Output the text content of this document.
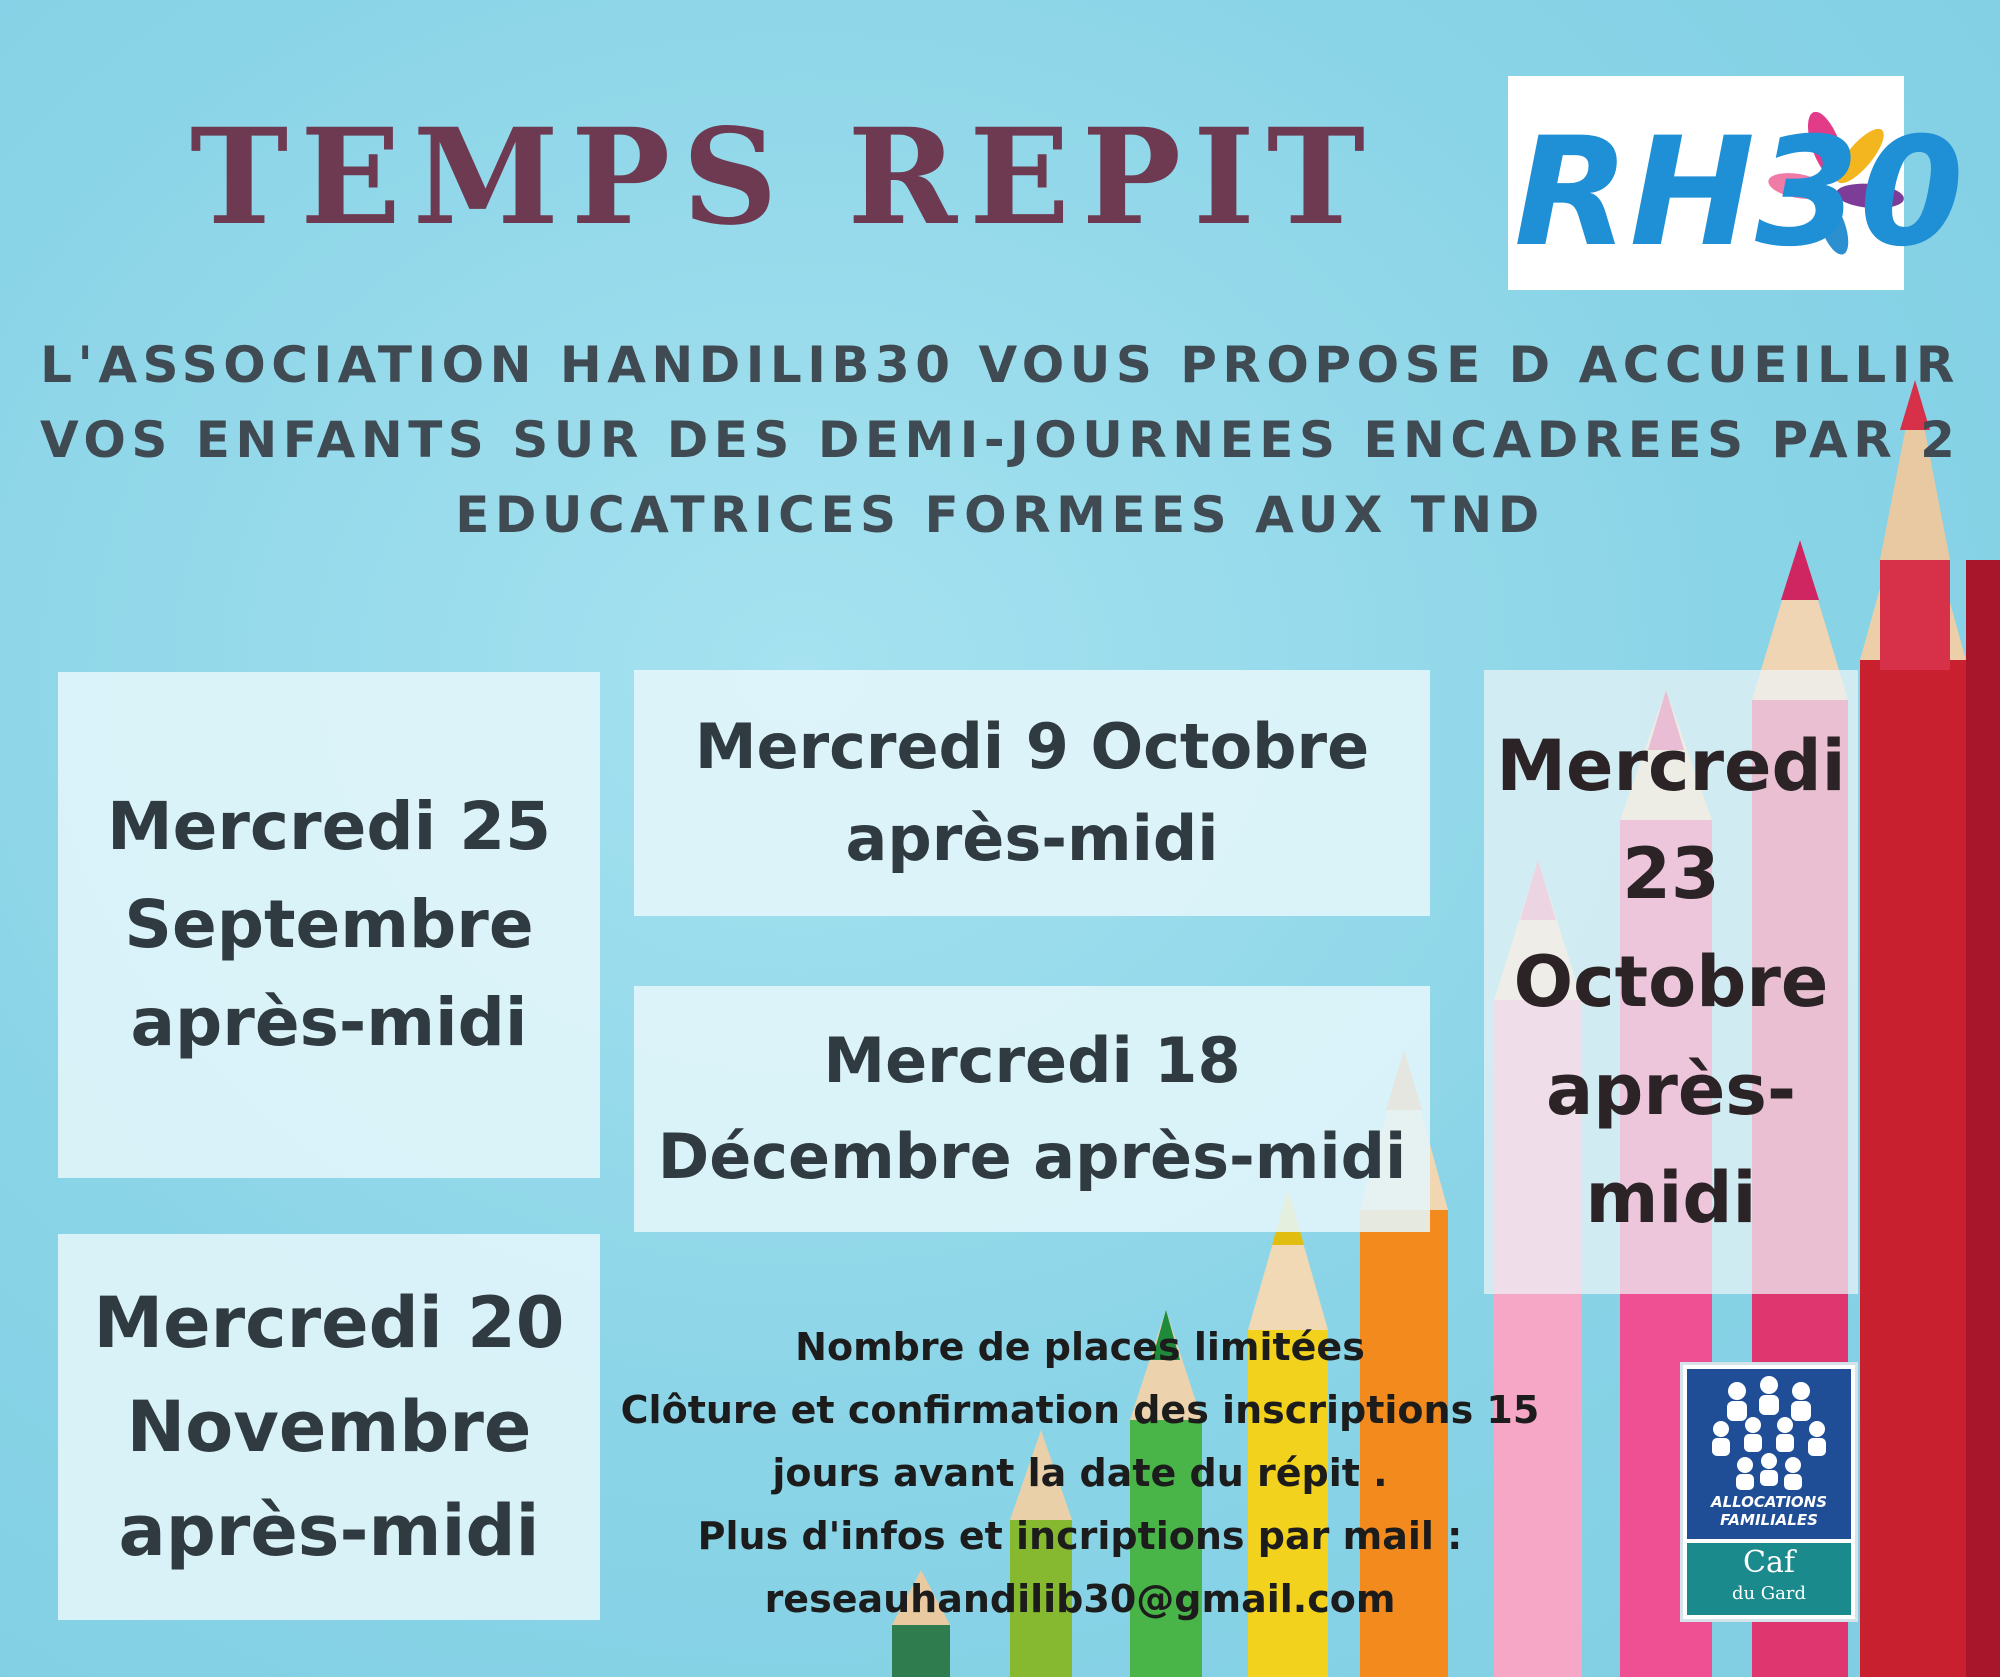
TEMPS REPIT RH30

L'ASSOCIATION HANDILIB30 VOUS PROPOSE D ACCUEILLIR
VOS ENFANTS SUR DES DEMI-JOURNEES ENCADREES PAR 2
EDUCATRICES FORMEES AUX TND

Mercredi 25
Septembre
après-midi
Mercredi 9 Octobre
après-midi
Mercredi 18
Décembre après-midi
Mercredi 20
Novembre
après-midi
Mercredi
23
Octobre
après-
midi
Nombre de places limitées
Clôture et confirmation des inscriptions 15
jours avant la date du répit .
Plus d'infos et incriptions par mail :
reseauhandilib30@gmail.com
ALLOCATIONS
FAMILIALES
Caf
du Gard
